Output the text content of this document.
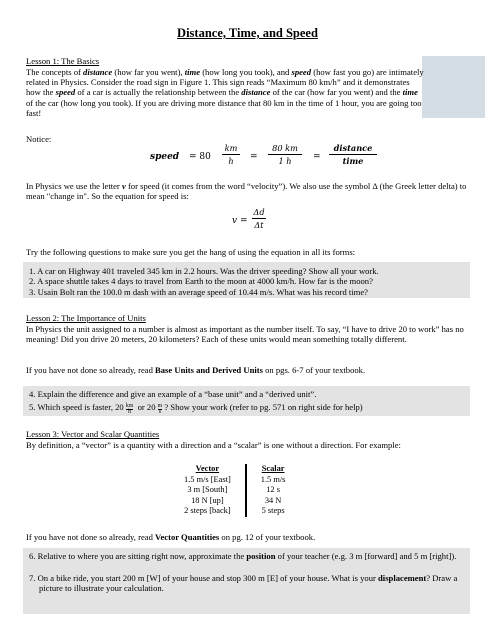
Distance, Time, and Speed
Lesson 1: The Basics
The concepts of distance (how far you went), time (how long you took), and speed (how fast you go) are intimately related in Physics. Consider the road sign in Figure 1. This sign reads “Maximum 80 km/h” and it demonstrates how the speed of a car is actually the relationship between the distance of the car (how far you went) and the time of the car (how long you took). If you are driving more distance that 80 km in the time of 1 hour, you are going too fast!
Notice:
speed = 80
km
h	=
80 km
1 h	=
distance
time
In Physics we use the letter v for speed (it comes from the word “velocity”). We also use the symbol Δ (the Greek letter delta) to mean "change in". So the equation for speed is:
v =
Δd
Δt
Try the following questions to make sure you get the hang of using the equation in all its forms:
1. A car on Highway 401 traveled 345 km in 2.2 hours. Was the driver speeding? Show all your work.
2. A space shuttle takes 4 days to travel from Earth to the moon at 4000 km/h. How far is the moon?
3. Usain Bolt ran the 100.0 m dash with an average speed of 10.44 m/s. What was his record time?
Lesson 2: The Importance of Units
In Physics the unit assigned to a number is almost as important as the number itself. To say, “I have to drive 20 to work” has no meaning! Did you drive 20 meters, 20 kilometers? Each of these units would mean something totally different.
If you have not done so already, read Base Units and Derived Units on pgs. 6-7 of your textbook.
4. Explain the difference and give an example of a “base unit” and a “derived unit”.
5. Which speed is faster, $20 \frac{km}{h}$ or $20 \frac{m}{s}$ ? Show your work (refer to pg. 571 on right side for help)
Lesson 3: Vector and Scalar Quantities
By definition, a “vector” is a quantity with a direction and a “scalar” is one without a direction. For example:
Vector	Scalar
1.5 m/s [East]	1.5 m/s
3 m [South]	12 s
18 N [up]	34 N
2 steps [back]	5 steps
If you have not done so already, read Vector Quantities on pg. 12 of your textbook.
6. Relative to where you are sitting right now, approximate the position of your teacher (e.g. 3 m [forward] and 5 m [right]).
7. On a bike ride, you start 200 m [W] of your house and stop 300 m [E] of your house. What is your displacement? Draw a picture to illustrate your calculation.
